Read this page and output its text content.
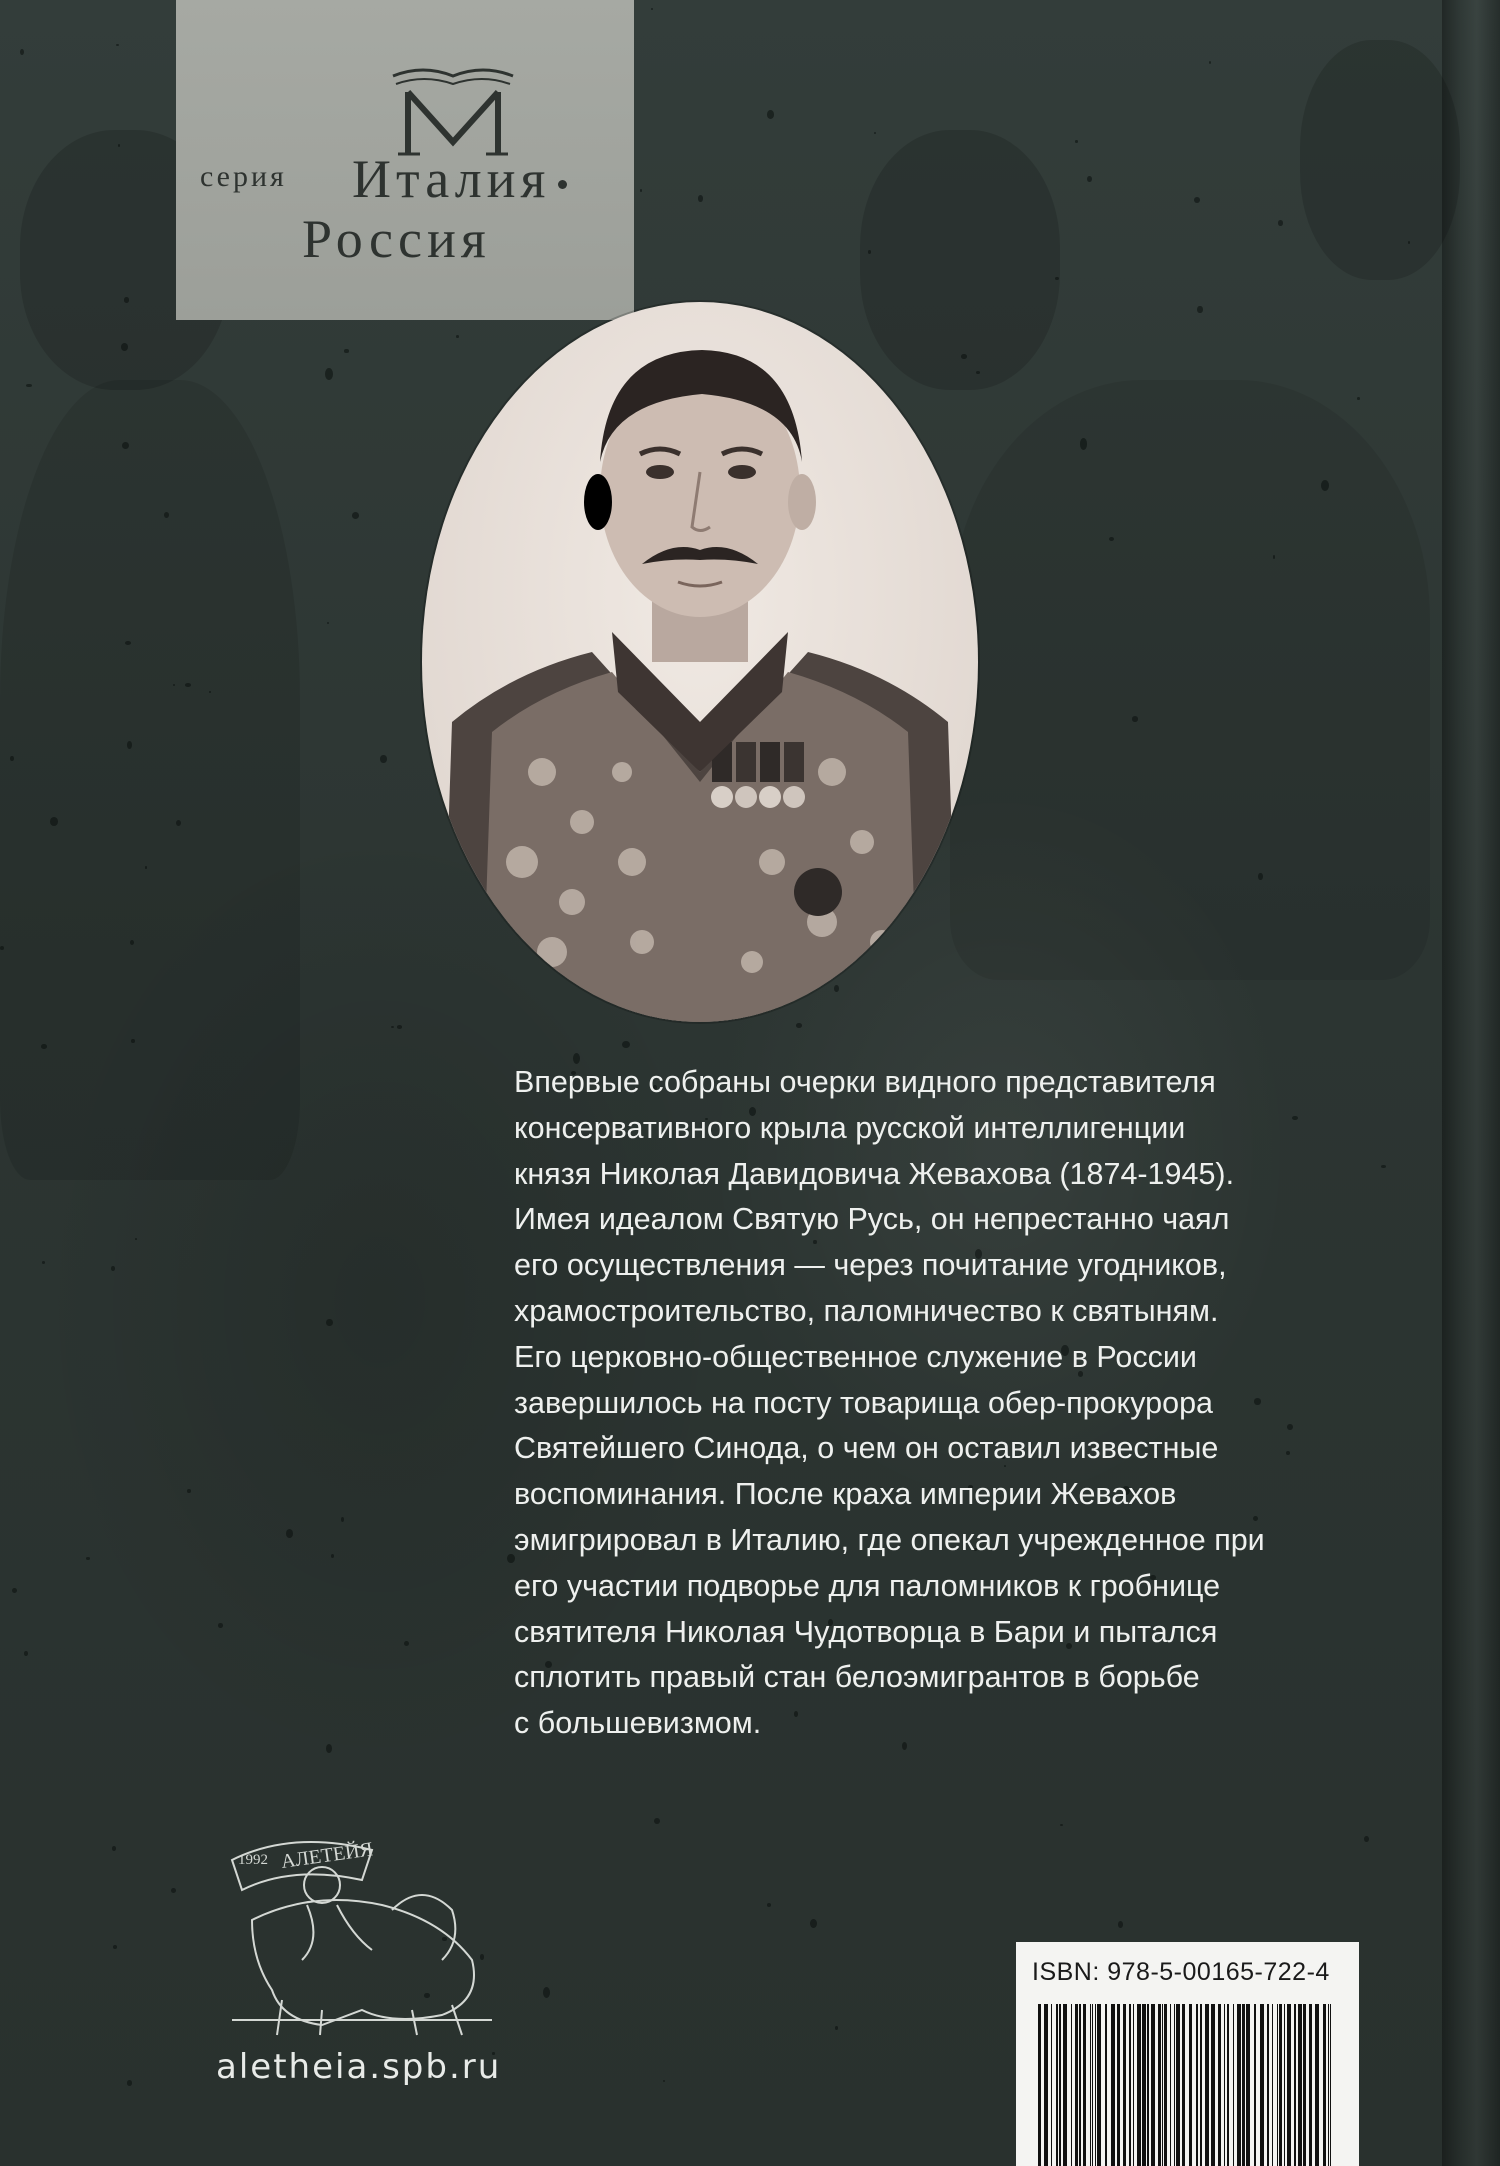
серия Италия
Россия
Впервые собраны очерки видного представителя
консервативного крыла русской интеллигенции
князя Николая Давидовича Жевахова (1874-1945).
Имея идеалом Святую Русь, он непрестанно чаял
его осуществления — через почитание угодников,
храмостроительство, паломничество к святыням.
Его церковно-общественное служение в России
завершилось на посту товарища обер-прокурора
Святейшего Синода, о чем он оставил известные
воспоминания. После краха империи Жевахов
эмигрировал в Италию, где опекал учрежденное при
его участии подворье для паломников к гробнице
святителя Николая Чудотворца в Бари и пытался
сплотить правый стан белоэмигрантов в борьбе
с большевизмом.
1992 АЛЕТЕЙЯ
aletheia.spb.ru
ISBN: 978-5-00165-722-4
